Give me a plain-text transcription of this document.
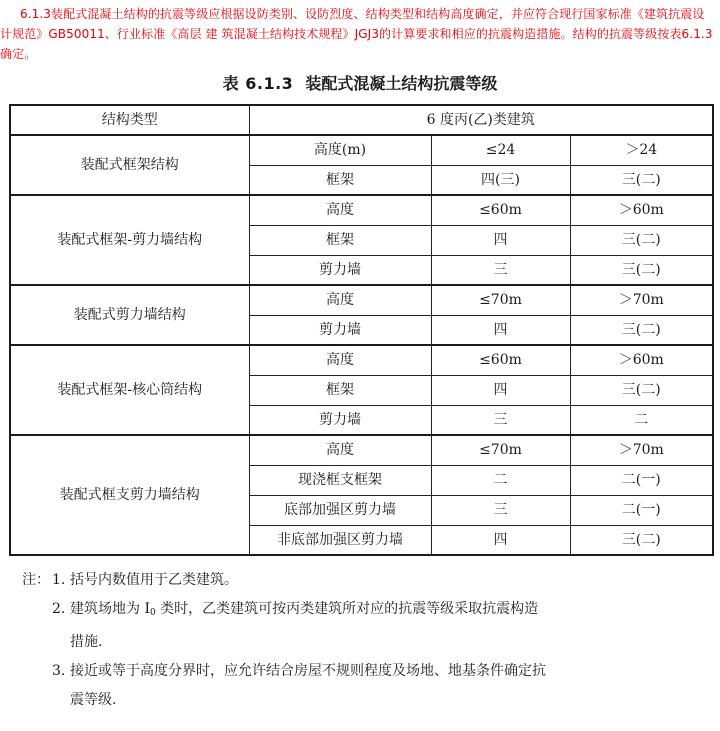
6.1.3装配式混凝土结构的抗震等级应根据设防类别、设防烈度、结构类型和结构高度确定，并应符合现行国家标准《建筑抗震设计规范》GB50011、行业标准《高层 建 筑混凝土结构技术规程》JGJ3的计算要求和相应的抗震构造措施。结构的抗震等级按表6.1.3确定。

表 6.1.3 装配式混凝土结构抗震等级
结构类型	6 度丙(乙)类建筑		
装配式框架结构	高度(m)	≤24	＞24
	框架	四(三)	三(二)
装配式框架-剪力墙结构	高度	≤60m	＞60m
	框架	四	三(二)
	剪力墙	三	三(二)
装配式剪力墙结构	高度	≤70m	＞70m
	剪力墙	四	三(二)
装配式框架-核心筒结构	高度	≤60m	＞60m
	框架	四	三(二)
	剪力墙	三	二
装配式框支剪力墙结构	高度	≤70m	＞70m
	现浇框支框架	二	二(一)
	底部加强区剪力墙	三	二(一)
	非底部加强区剪力墙	四	三(二)

注： 1. 括号内数值用于乙类建筑。

2. 建筑场地为 $I_0$ 类时，乙类建筑可按丙类建筑所对应的抗震等级采取抗震构造

措施.

3. 接近或等于高度分界时，应允许结合房屋不规则程度及场地、地基条件确定抗

震等级.
